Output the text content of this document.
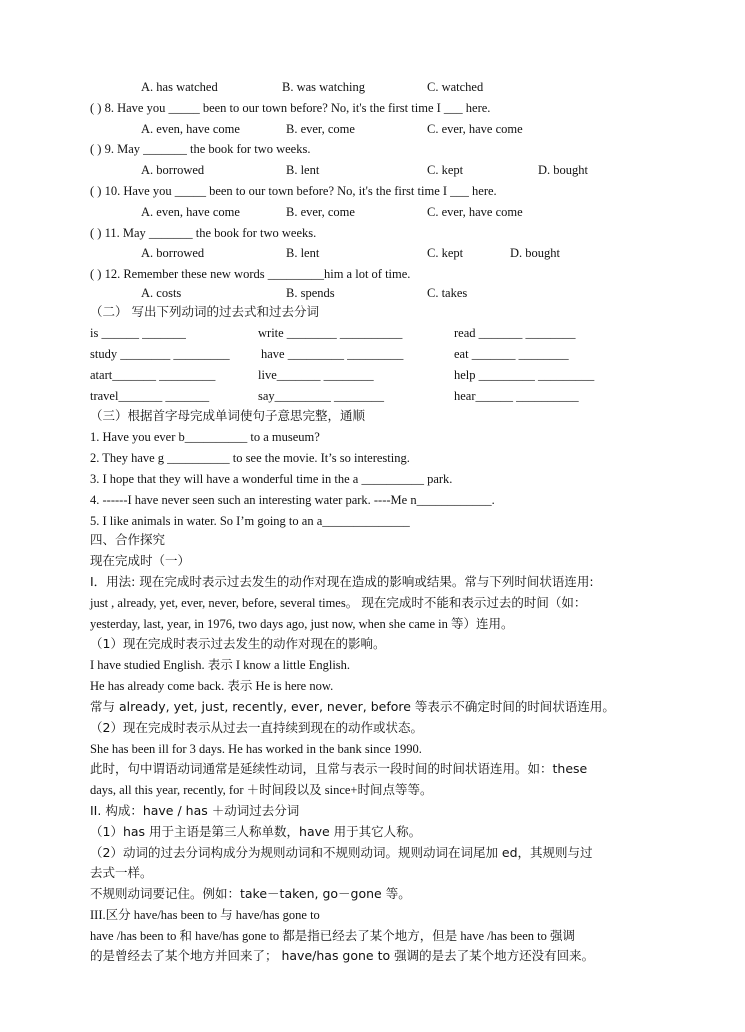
A. has watched	B. was watching	C. watched
( ) 8. Have you _____ been to our town before? No, it's the first time I ___ here.
A. even, have come	B. ever, come	C. ever, have come
( ) 9. May _______ the book for two weeks.
A. borrowed	B. lent	C. kept	D. bought
( ) 10. Have you _____ been to our town before? No, it's the first time I ___ here.
A. even, have come	B. ever, come	C. ever, have come
( ) 11. May _______ the book for two weeks.
A. borrowed	B. lent	C. kept	D. bought
( ) 12. Remember these new words _________him a lot of time.
A. costs	B. spends	C. takes
（二） 写出下列动词的过去式和过去分词
is ______ _______	write ________ __________	read _______ ________
study ________ _________	have _________ _________	eat _______ ________
atart_______ _________	live_______ ________	help _________ _________
travel_______ _______	say_________ ________	hear______ __________
（三）根据首字母完成单词使句子意思完整，通顺
1. Have you ever b__________ to a museum?
2. They have g __________ to see the movie. It’s so interesting.
3. I hope that they will have a wonderful time in the a __________ park.
4. ------I have never seen such an interesting water park. ----Me n____________.
5. I like animals in water. So I’m going to an a______________
四、合作探究
现在完成时（一）
I．用法: 现在完成时表示过去发生的动作对现在造成的影响或结果。常与下列时间状语连用:
just , already, yet, ever, never, before, several times。 现在完成时不能和表示过去的时间（如：
yesterday, last, year, in 1976, two days ago, just now, when she came in 等）连用。
（1）现在完成时表示过去发生的动作对现在的影响。
I have studied English. 表示 I know a little English.
He has already come back. 表示 He is here now.
常与 already, yet, just, recently, ever, never, before 等表示不确定时间的时间状语连用。
（2）现在完成时表示从过去一直持续到现在的动作或状态。
She has been ill for 3 days. He has worked in the bank since 1990.
此时，句中谓语动词通常是延续性动词，且常与表示一段时间的时间状语连用。如：these
days, all this year, recently, for ＋时间段以及 since+时间点等等。
II. 构成：have / has ＋动词过去分词
（1）has 用于主语是第三人称单数，have 用于其它人称。
（2）动词的过去分词构成分为规则动词和不规则动词。规则动词在词尾加 ed，其规则与过
去式一样。
不规则动词要记住。例如：take－taken, go－gone 等。
III.区分 have/has been to 与 have/has gone to
have /has been to 和 have/has gone to 都是指已经去了某个地方，但是 have /has been to 强调
的是曾经去了某个地方并回来了； have/has gone to 强调的是去了某个地方还没有回来。
